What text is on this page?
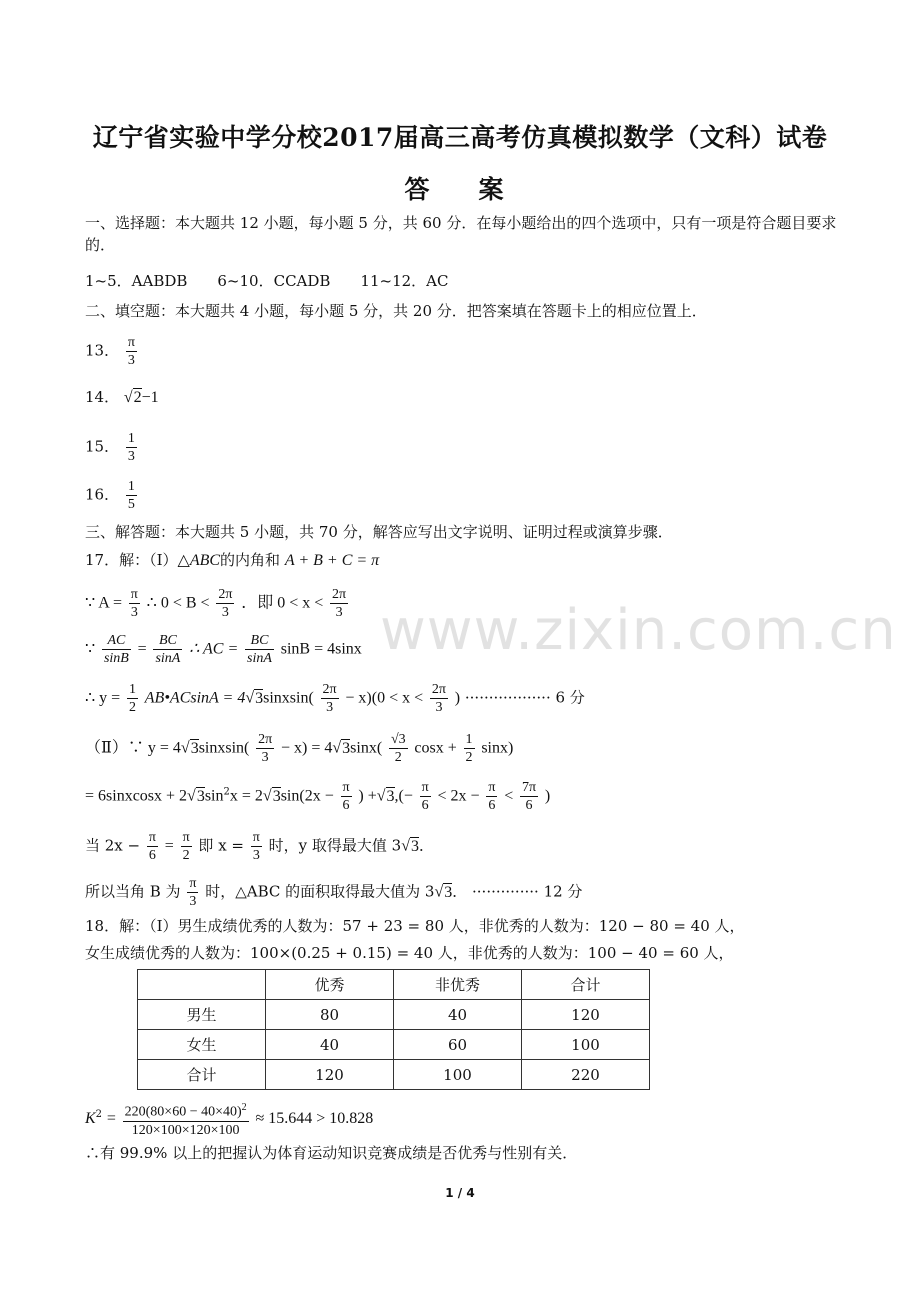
辽宁省实验中学分校2017届高三高考仿真模拟数学（文科）试卷
答　案
一、选择题：本大题共 12 小题，每小题 5 分，共 60 分．在每小题给出的四个选项中，只有一项是符合题目要求的．
1~5．AABDB　　6~10．CCADB　　11~12．AC
二、填空题：本大题共 4 小题，每小题 5 分，共 20 分．把答案填在答题卡上的相应位置上．
13． $\frac{\pi}{3}$
14． √2−1
15． $\frac{1}{3}$
16． $\frac{1}{5}$
三、解答题：本大题共 5 小题，共 70 分，解答应写出文字说明、证明过程或演算步骤．
17．解：（Ⅰ）△ABC的内角和 A + B + C = π
∵ $A = \frac{\pi}{3}$ ∴ $0 < B < \frac{2\pi}{3}$ ．即 $0 < x < \frac{2\pi}{3}$
∵ $\frac{AC}{\sin B} = \frac{BC}{\sin A}$ ∴ AC = $\frac{BC}{\sin A}$ sinB = 4sinx
∴ $y = \frac{1}{2}$ AB•ACsinA = 4√3sinxsin( $\frac{2\pi}{3} - x)(0 < x < \frac{2\pi}{3}$ ) ·················· 6 分
（Ⅱ）∵ y = 4√3sinxsin( $\frac{2\pi}{3} - x) = 4√3\sin x( \frac{√3}{2}$ $\cos x + \frac{1}{2} \sin x$)
= 6sinxcosx + $2√3\sin^2x = 2√3\sin(2x - \frac{\pi}{6}$ ) $+√3,(- \frac{\pi}{6} < 2x - \frac{\pi}{6} < \frac{7\pi}{6}$ )
当 $2x - \frac{\pi}{6} = \frac{\pi}{2}$ 即 $x = \frac{\pi}{3}$ 时，y 取得最大值 3√3．
所以当角 B 为 $\frac{\pi}{3}$ 时，△ABC 的面积取得最大值为 3√3． ·············· 12 分
18．解：（Ⅰ）男生成绩优秀的人数为：57 + 23 = 80 人，非优秀的人数为：120 − 80 = 40 人，
女生成绩优秀的人数为：100×(0.25 + 0.15) = 40 人，非优秀的人数为：100 − 40 = 60 人，
	优秀	非优秀	合计
男生	80	40	120
女生	40	60	100
合计	120	100	220
$K^2 = \frac{220(80\times 60 - 40\times 40)^2}{120\times 100\times 120\times 100} \approx 15.644 > 10.828$
∴有 99.9% 以上的把握认为体育运动知识竞赛成绩是否优秀与性别有关．
www.zixin.com.cn
1 / 4
